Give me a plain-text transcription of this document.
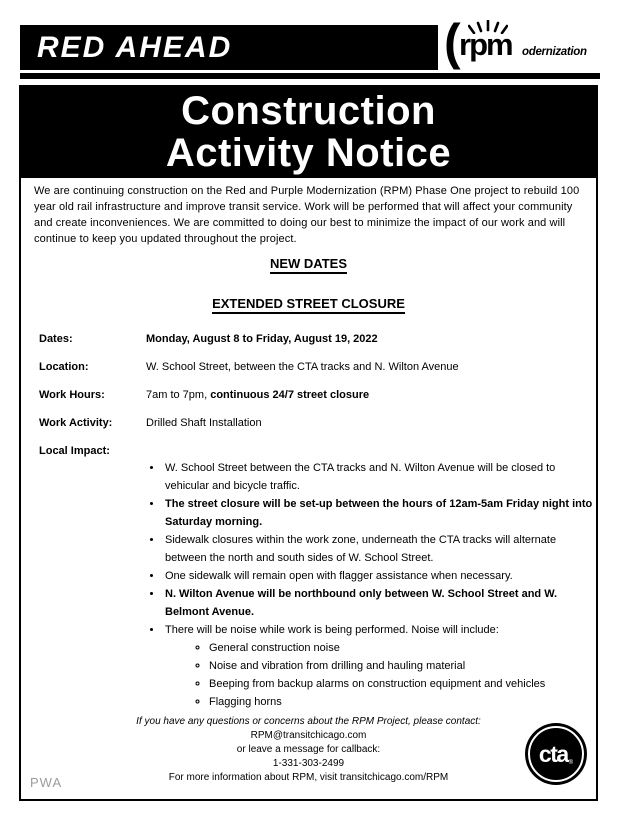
RED AHEAD	(
rpm odernization
Construction
Activity Notice

We are continuing construction on the Red and Purple Modernization (RPM) Phase One project to rebuild 100 year old rail infrastructure and improve transit service. Work will be performed that will affect your community and create inconveniences. We are committed to doing our best to minimize the impact of our work and will continue to keep you updated throughout the project.

NEW DATES
EXTENDED STREET CLOSURE
Dates:	Monday, August 8 to Friday, August 19, 2022
Location:	W. School Street, between the CTA tracks and N. Wilton Avenue
Work Hours:	7am to 7pm, continuous 24/7 street closure
Work Activity:	Drilled Shaft Installation
Local Impact:
• W. School Street between the CTA tracks and N. Wilton Avenue will be closed to vehicular and bicycle traffic.
• The street closure will be set-up between the hours of 12am-5am Friday night into Saturday morning.
• Sidewalk closures within the work zone, underneath the CTA tracks will alternate between the north and south sides of W. School Street.
• One sidewalk will remain open with flagger assistance when necessary.
• N. Wilton Avenue will be northbound only between W. School Street and W. Belmont Avenue.
• There will be noise while work is being performed. Noise will include:
◦ General construction noise
◦ Noise and vibration from drilling and hauling material
◦ Beeping from backup alarms on construction equipment and vehicles
◦ Flagging horns
If you have any questions or concerns about the RPM Project, please contact:
RPM@transitchicago.com
or leave a message for callback:
1-331-303-2499
For more information about RPM, visit transitchicago.com/RPM
PWA
cta ®
